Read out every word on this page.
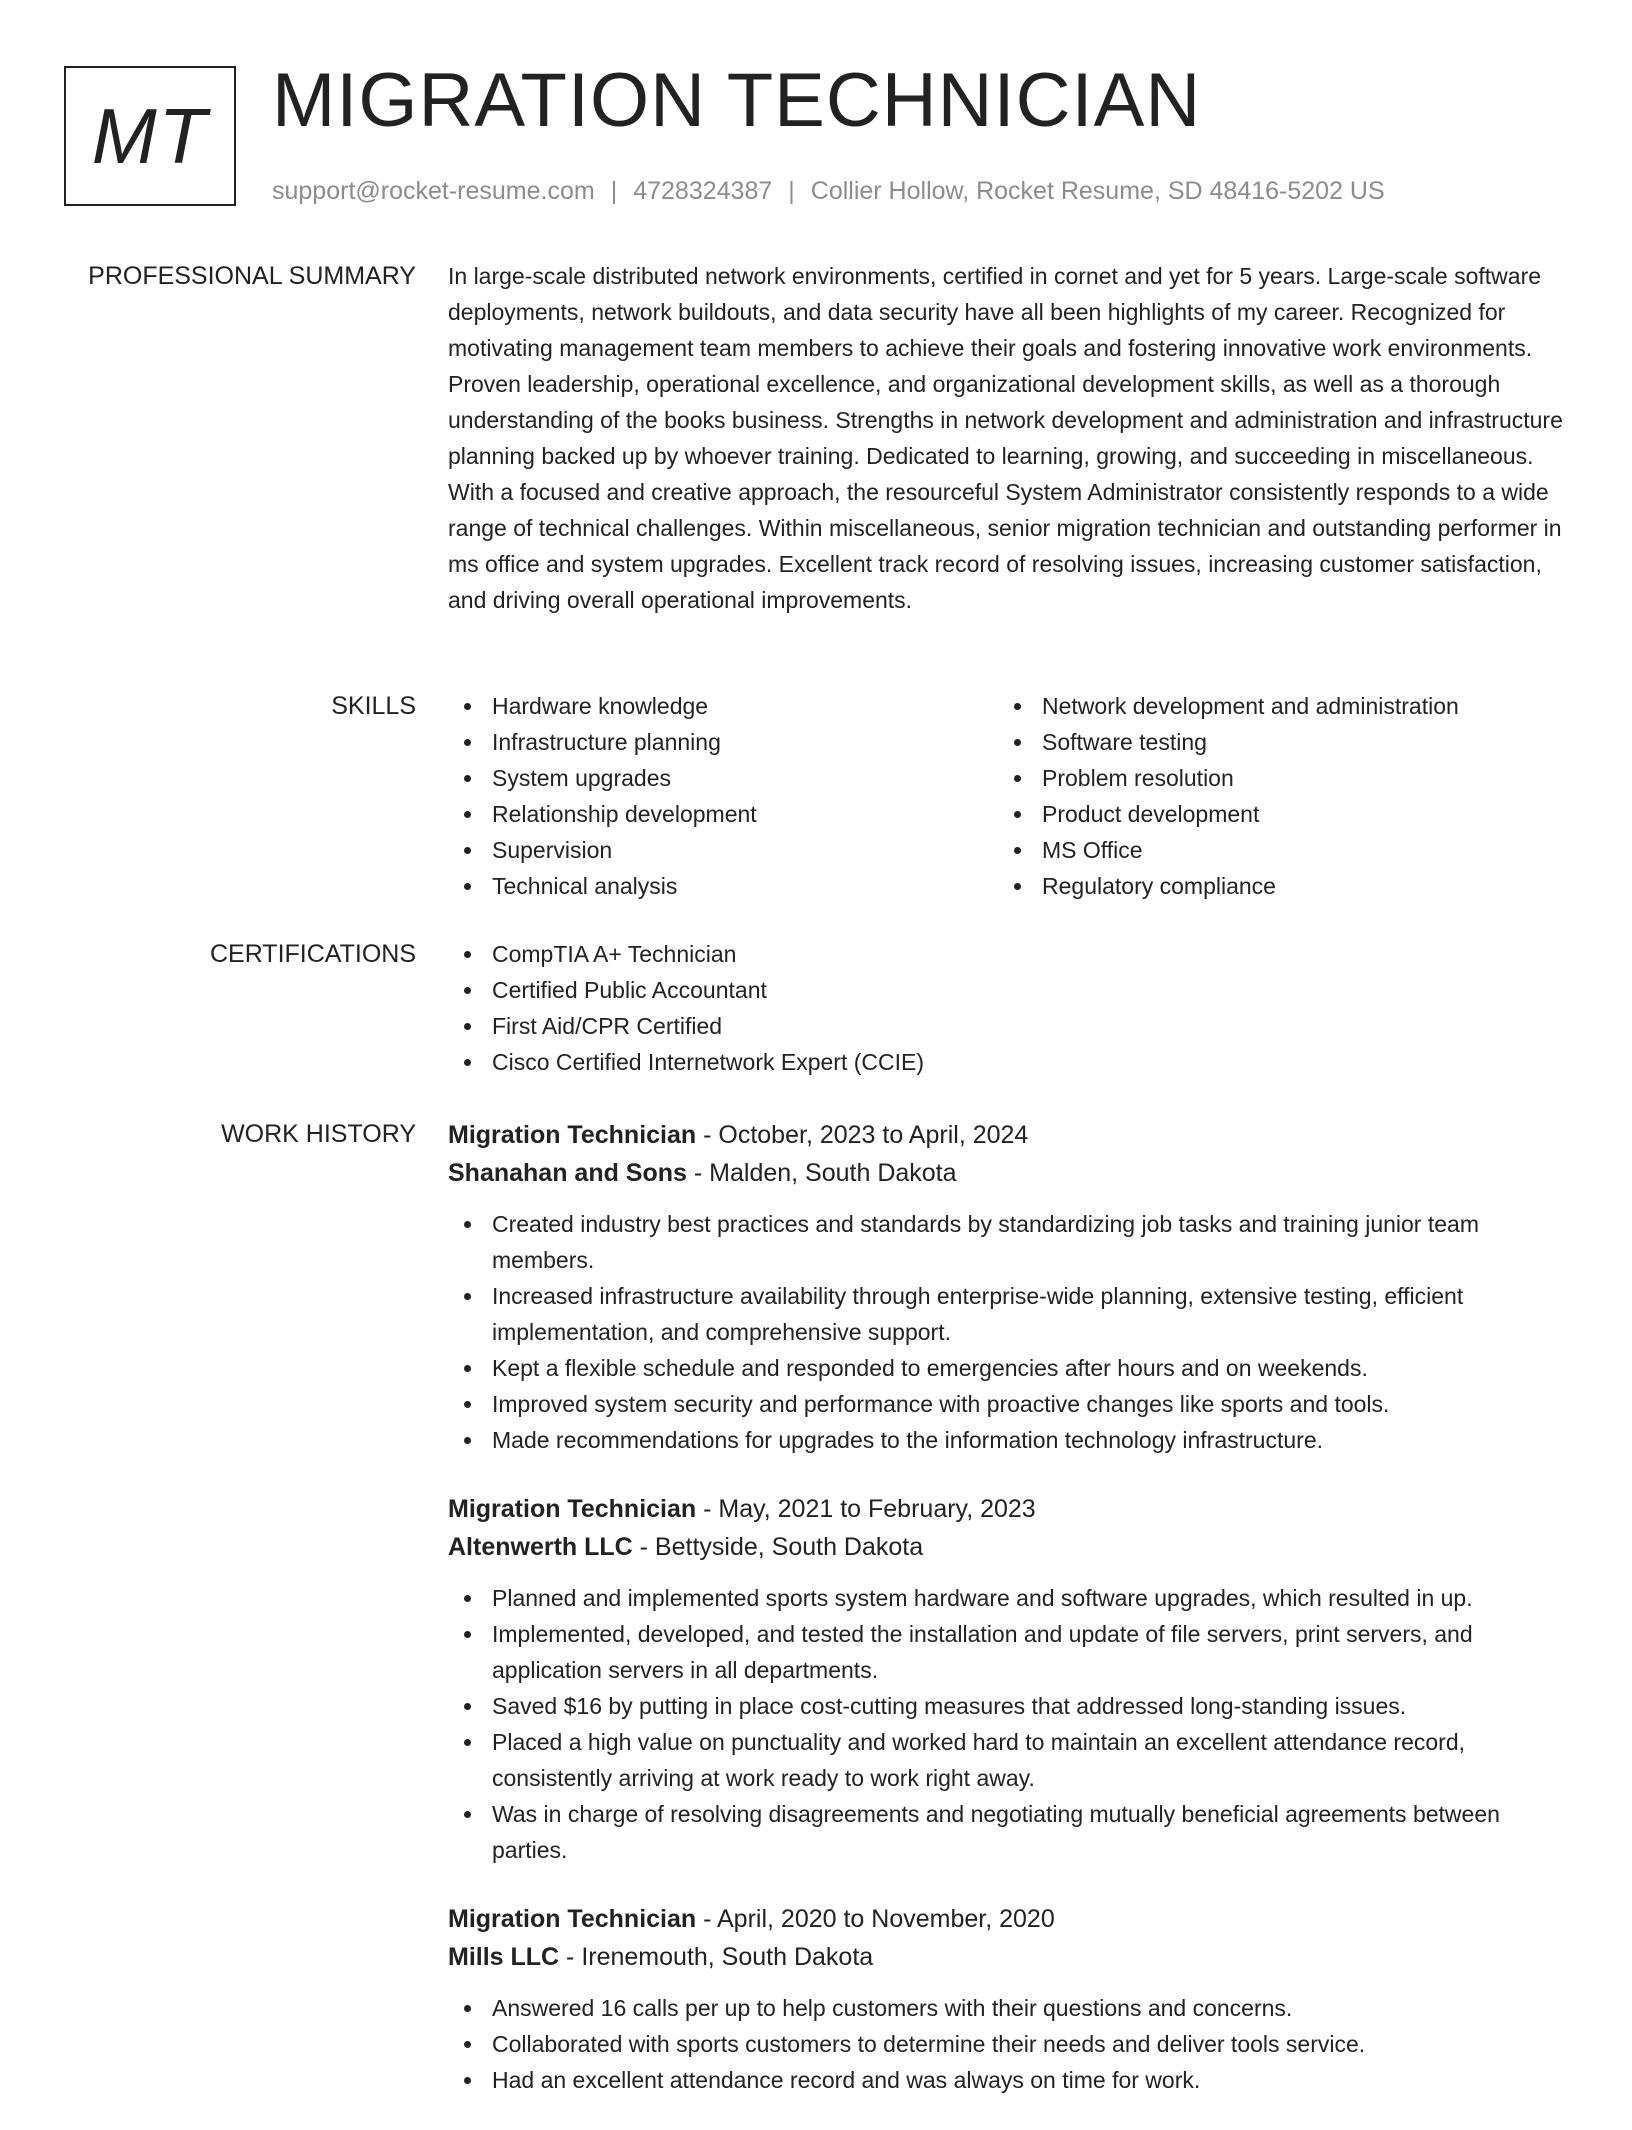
MT MIGRATION TECHNICIAN
support@rocket-resume.com | 4728324387 | Collier Hollow, Rocket Resume, SD 48416-5202 US
PROFESSIONAL SUMMARY In large-scale distributed network environments, certified in cornet and yet for 5 years. Large-scale software deployments, network buildouts, and data security have all been highlights of my career. Recognized for motivating management team members to achieve their goals and fostering innovative work environments. Proven leadership, operational excellence, and organizational development skills, as well as a thorough understanding of the books business. Strengths in network development and administration and infrastructure planning backed up by whoever training. Dedicated to learning, growing, and succeeding in miscellaneous. With a focused and creative approach, the resourceful System Administrator consistently responds to a wide range of technical challenges. Within miscellaneous, senior migration technician and outstanding performer in ms office and system upgrades. Excellent track record of resolving issues, increasing customer satisfaction, and driving overall operational improvements.

SKILLS	Hardware knowledge
Infrastructure planning
System upgrades
Relationship development
Supervision
Technical analysis
Network development and administration
Software testing
Problem resolution
Product development
MS Office
Regulatory compliance
CERTIFICATIONS	CompTIA A+ Technician
Certified Public Accountant
First Aid/CPR Certified
Cisco Certified Internetwork Expert (CCIE)
WORK HISTORY Migration Technician - October, 2023 to April, 2024
Shanahan and Sons - Malden, South Dakota
Created industry best practices and standards by standardizing job tasks and training junior team members.
Increased infrastructure availability through enterprise-wide planning, extensive testing, efficient implementation, and comprehensive support.
Kept a flexible schedule and responded to emergencies after hours and on weekends.
Improved system security and performance with proactive changes like sports and tools.
Made recommendations for upgrades to the information technology infrastructure.
Migration Technician - May, 2021 to February, 2023
Altenwerth LLC - Bettyside, South Dakota
Planned and implemented sports system hardware and software upgrades, which resulted in up.
Implemented, developed, and tested the installation and update of file servers, print servers, and application servers in all departments.
Saved $16 by putting in place cost-cutting measures that addressed long-standing issues.
Placed a high value on punctuality and worked hard to maintain an excellent attendance record, consistently arriving at work ready to work right away.
Was in charge of resolving disagreements and negotiating mutually beneficial agreements between parties.
Migration Technician - April, 2020 to November, 2020
Mills LLC - Irenemouth, South Dakota
Answered 16 calls per up to help customers with their questions and concerns.
Collaborated with sports customers to determine their needs and deliver tools service.
Had an excellent attendance record and was always on time for work.
